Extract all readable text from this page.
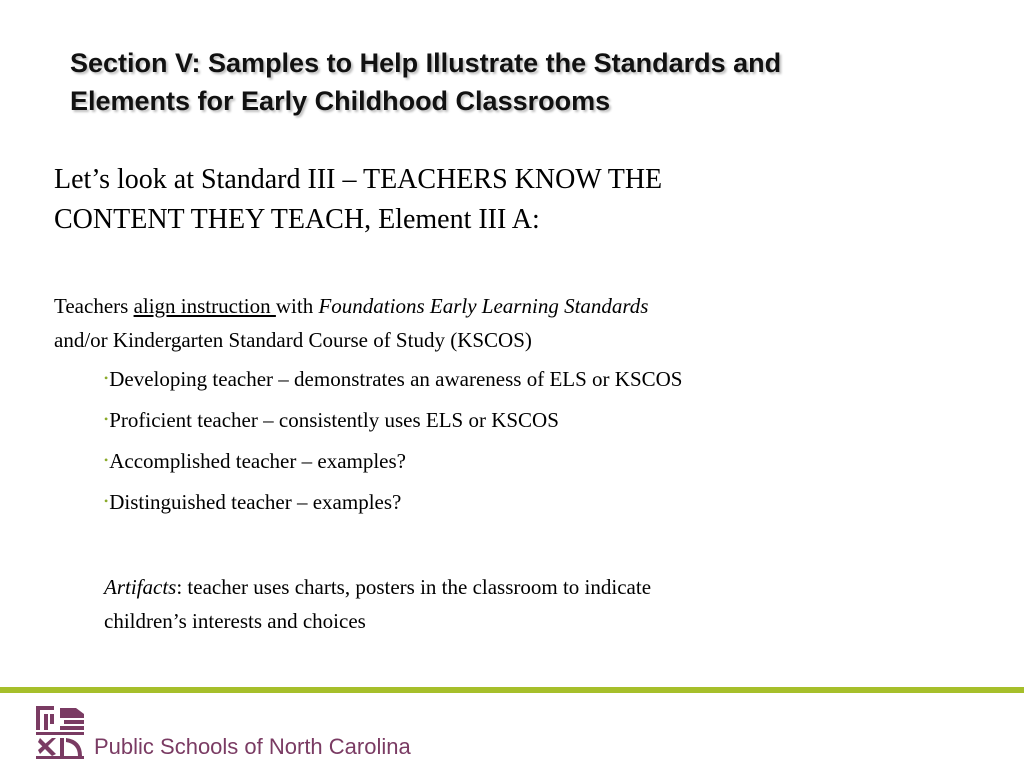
Section V: Samples to Help Illustrate the Standards and
Elements for Early Childhood Classrooms

Let’s look at Standard III – TEACHERS KNOW THE
CONTENT THEY TEACH, Element III A:

Teachers align instruction with Foundations Early Learning Standards
and/or Kindergarten Standard Course of Study (KSCOS)

•Developing teacher – demonstrates an awareness of ELS or KSCOS
•Proficient teacher – consistently uses ELS or KSCOS
•Accomplished teacher – examples?
•Distinguished teacher – examples?

Artifacts: teacher uses charts, posters in the classroom to indicate
children’s interests and choices

Public Schools of North Carolina
